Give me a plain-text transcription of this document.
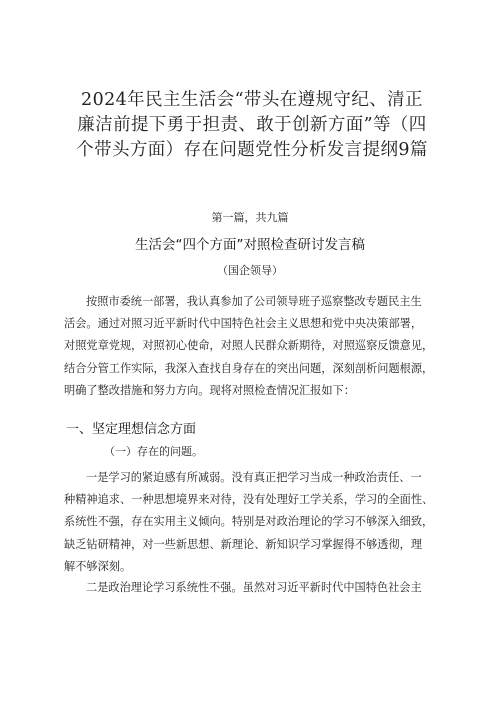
2024年民主生活会“带头在遵规守纪、清正
廉洁前提下勇于担责、敢于创新方面”等（四
个带头方面）存在问题党性分析发言提纲9篇
第一篇，共九篇
生活会“四个方面”对照检查研讨发言稿
（国企领导）
按照市委统一部署，我认真参加了公司领导班子巡察整改专题民主生
活会。通过对照习近平新时代中国特色社会主义思想和党中央决策部署，
对照党章党规，对照初心使命，对照人民群众新期待，对照巡察反馈意见，
结合分管工作实际，我深入查找自身存在的突出问题，深刻剖析问题根源，
明确了整改措施和努力方向。现将对照检查情况汇报如下：
一、坚定理想信念方面
（一）存在的问题。
一是学习的紧迫感有所减弱。没有真正把学习当成一种政治责任、一
种精神追求、一种思想境界来对待，没有处理好工学关系，学习的全面性、
系统性不强，存在实用主义倾向。特别是对政治理论的学习不够深入细致，
缺乏钻研精神，对一些新思想、新理论、新知识学习掌握得不够透彻，理
解不够深刻。
二是政治理论学习系统性不强。虽然对习近平新时代中国特色社会主
